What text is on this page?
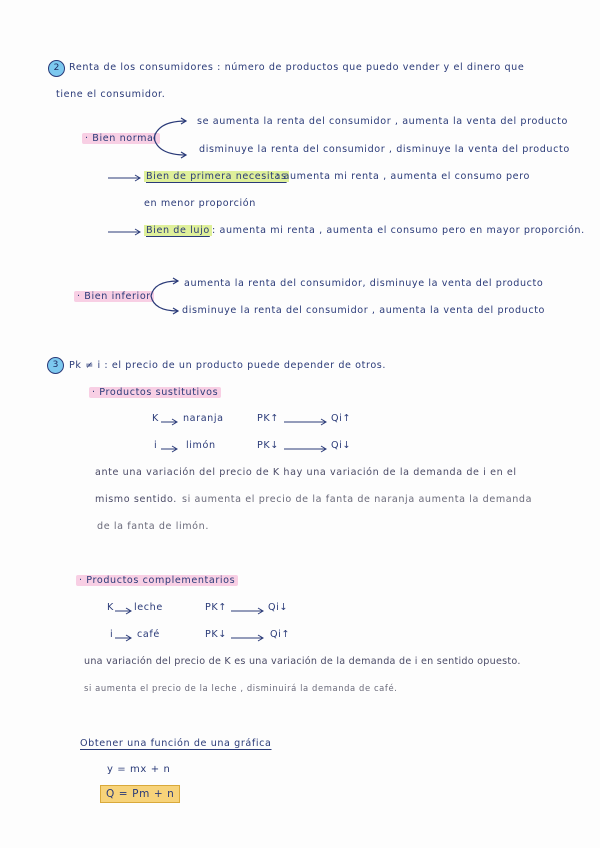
2	Renta de los consumidores : número de productos que puedo vender y el dinero que
tiene el consumidor.
· Bien normal
se aumenta la renta del consumidor , aumenta la venta del producto
disminuye la renta del consumidor , disminuye la venta del producto
Bien de primera necesitas
: aumenta mi renta , aumenta el consumo pero
en menor proporción
Bien de lujo : aumenta mi renta , aumenta el consumo pero en mayor proporción.
· Bien inferior
aumenta la renta del consumidor, disminuye la venta del producto
disminuye la renta del consumidor , aumenta la venta del producto
3	Pk ≠ i : el precio de un producto puede depender de otros.
· Productos sustitutivos
K	naranja	PK↑	Qi↑
i	limón	PK↓	Qi↓
ante una variación del precio de K hay una variación de la demanda de i en el
mismo sentido. si aumenta el precio de la fanta de naranja aumenta la demanda
de la fanta de limón.
· Productos complementarios
K leche	PK↑	Qi↓
i café	PK↓	Qi↑
una variación del precio de K es una variación de la demanda de i en sentido opuesto.
si aumenta el precio de la leche , disminuirá la demanda de café.
Obtener una función de una gráfica
y = mx + n
Q = Pm + n
